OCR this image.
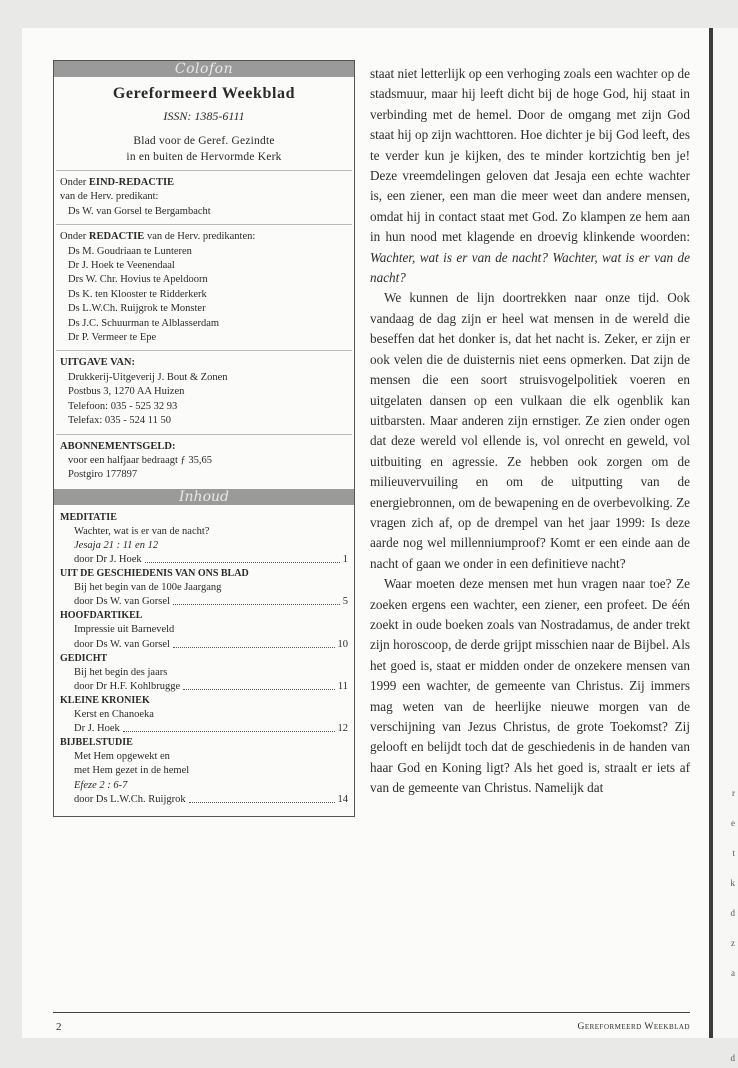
r
e
t
k
d
z
a
d
Colofon
Gereformeerd Weekblad
ISSN: 1385-6111
Blad voor de Geref. Gezindte
in en buiten de Hervormde Kerk
Onder EIND-REDACTIE
van de Herv. predikant:
Ds W. van Gorsel te Bergambacht
Onder REDACTIE van de Herv. predikanten:
Ds M. Goudriaan te Lunteren
Dr J. Hoek te Veenendaal
Drs W. Chr. Hovius te Apeldoorn
Ds K. ten Klooster te Ridderkerk
Ds L.W.Ch. Ruijgrok te Monster
Ds J.C. Schuurman te Alblasserdam
Dr P. Vermeer te Epe
UITGAVE VAN:
Drukkerij-Uitgeverij J. Bout & Zonen
Postbus 3, 1270 AA Huizen
Telefoon: 035 - 525 32 93
Telefax: 035 - 524 11 50
ABONNEMENTSGELD:
voor een halfjaar bedraagt ƒ 35,65
Postgiro 177897
Inhoud
MEDITATIE
Wachter, wat is er van de nacht?
Jesaja 21 : 11 en 12
door Dr J. Hoek	1
UIT DE GESCHIEDENIS VAN ONS BLAD
Bij het begin van de 100e Jaargang
door Ds W. van Gorsel	5
HOOFDARTIKEL
Impressie uit Barneveld
door Ds W. van Gorsel	10
GEDICHT
Bij het begin des jaars
door Dr H.F. Kohlbrugge	11
KLEINE KRONIEK
Kerst en Chanoeka
Dr J. Hoek	12
BIJBELSTUDIE
Met Hem opgewekt en
met Hem gezet in de hemel
Efeze 2 : 6-7
door Ds L.W.Ch. Ruijgrok	14

staat niet letterlijk op een verhoging zoals een wachter op de stadsmuur, maar hij leeft dicht bij de hoge God, hij staat in verbinding met de hemel. Door de omgang met zijn God staat hij op zijn wachttoren. Hoe dichter je bij God leeft, des te verder kun je kijken, des te minder kortzichtig ben je! Deze vreemdelingen geloven dat Jesaja een echte wachter is, een ziener, een man die meer weet dan andere mensen, omdat hij in contact staat met God. Zo klampen ze hem aan in hun nood met klagende en droevig klinkende woorden: Wachter, wat is er van de nacht? Wachter, wat is er van de nacht?

We kunnen de lijn doortrekken naar onze tijd. Ook vandaag de dag zijn er heel wat mensen in de wereld die beseffen dat het donker is, dat het nacht is. Zeker, er zijn er ook velen die de duisternis niet eens opmerken. Dat zijn de mensen die een soort struisvogelpolitiek voeren en uitgelaten dansen op een vulkaan die elk ogenblik kan uitbarsten. Maar anderen zijn ernstiger. Ze zien onder ogen dat deze wereld vol ellende is, vol onrecht en geweld, vol uitbuiting en agressie. Ze hebben ook zorgen om de milieuvervuiling en om de uitputting van de energiebronnen, om de bewapening en de overbevolking. Ze vragen zich af, op de drempel van het jaar 1999: Is deze aarde nog wel millenniumproof? Komt er een einde aan de nacht of gaan we onder in een definitieve nacht?

Waar moeten deze mensen met hun vragen naar toe? Ze zoeken ergens een wachter, een ziener, een profeet. De één zoekt in oude boeken zoals van Nostradamus, de ander trekt zijn horoscoop, de derde grijpt misschien naar de Bijbel. Als het goed is, staat er midden onder de onzekere mensen van 1999 een wachter, de gemeente van Christus. Zij immers mag weten van de heerlijke nieuwe morgen van de verschijning van Jezus Christus, de grote Toekomst? Zij gelooft en belijdt toch dat de geschiedenis in de handen van haar God en Koning ligt? Als het goed is, straalt er iets af van de gemeente van Christus. Namelijk dat

2	Gereformeerd Weekblad
